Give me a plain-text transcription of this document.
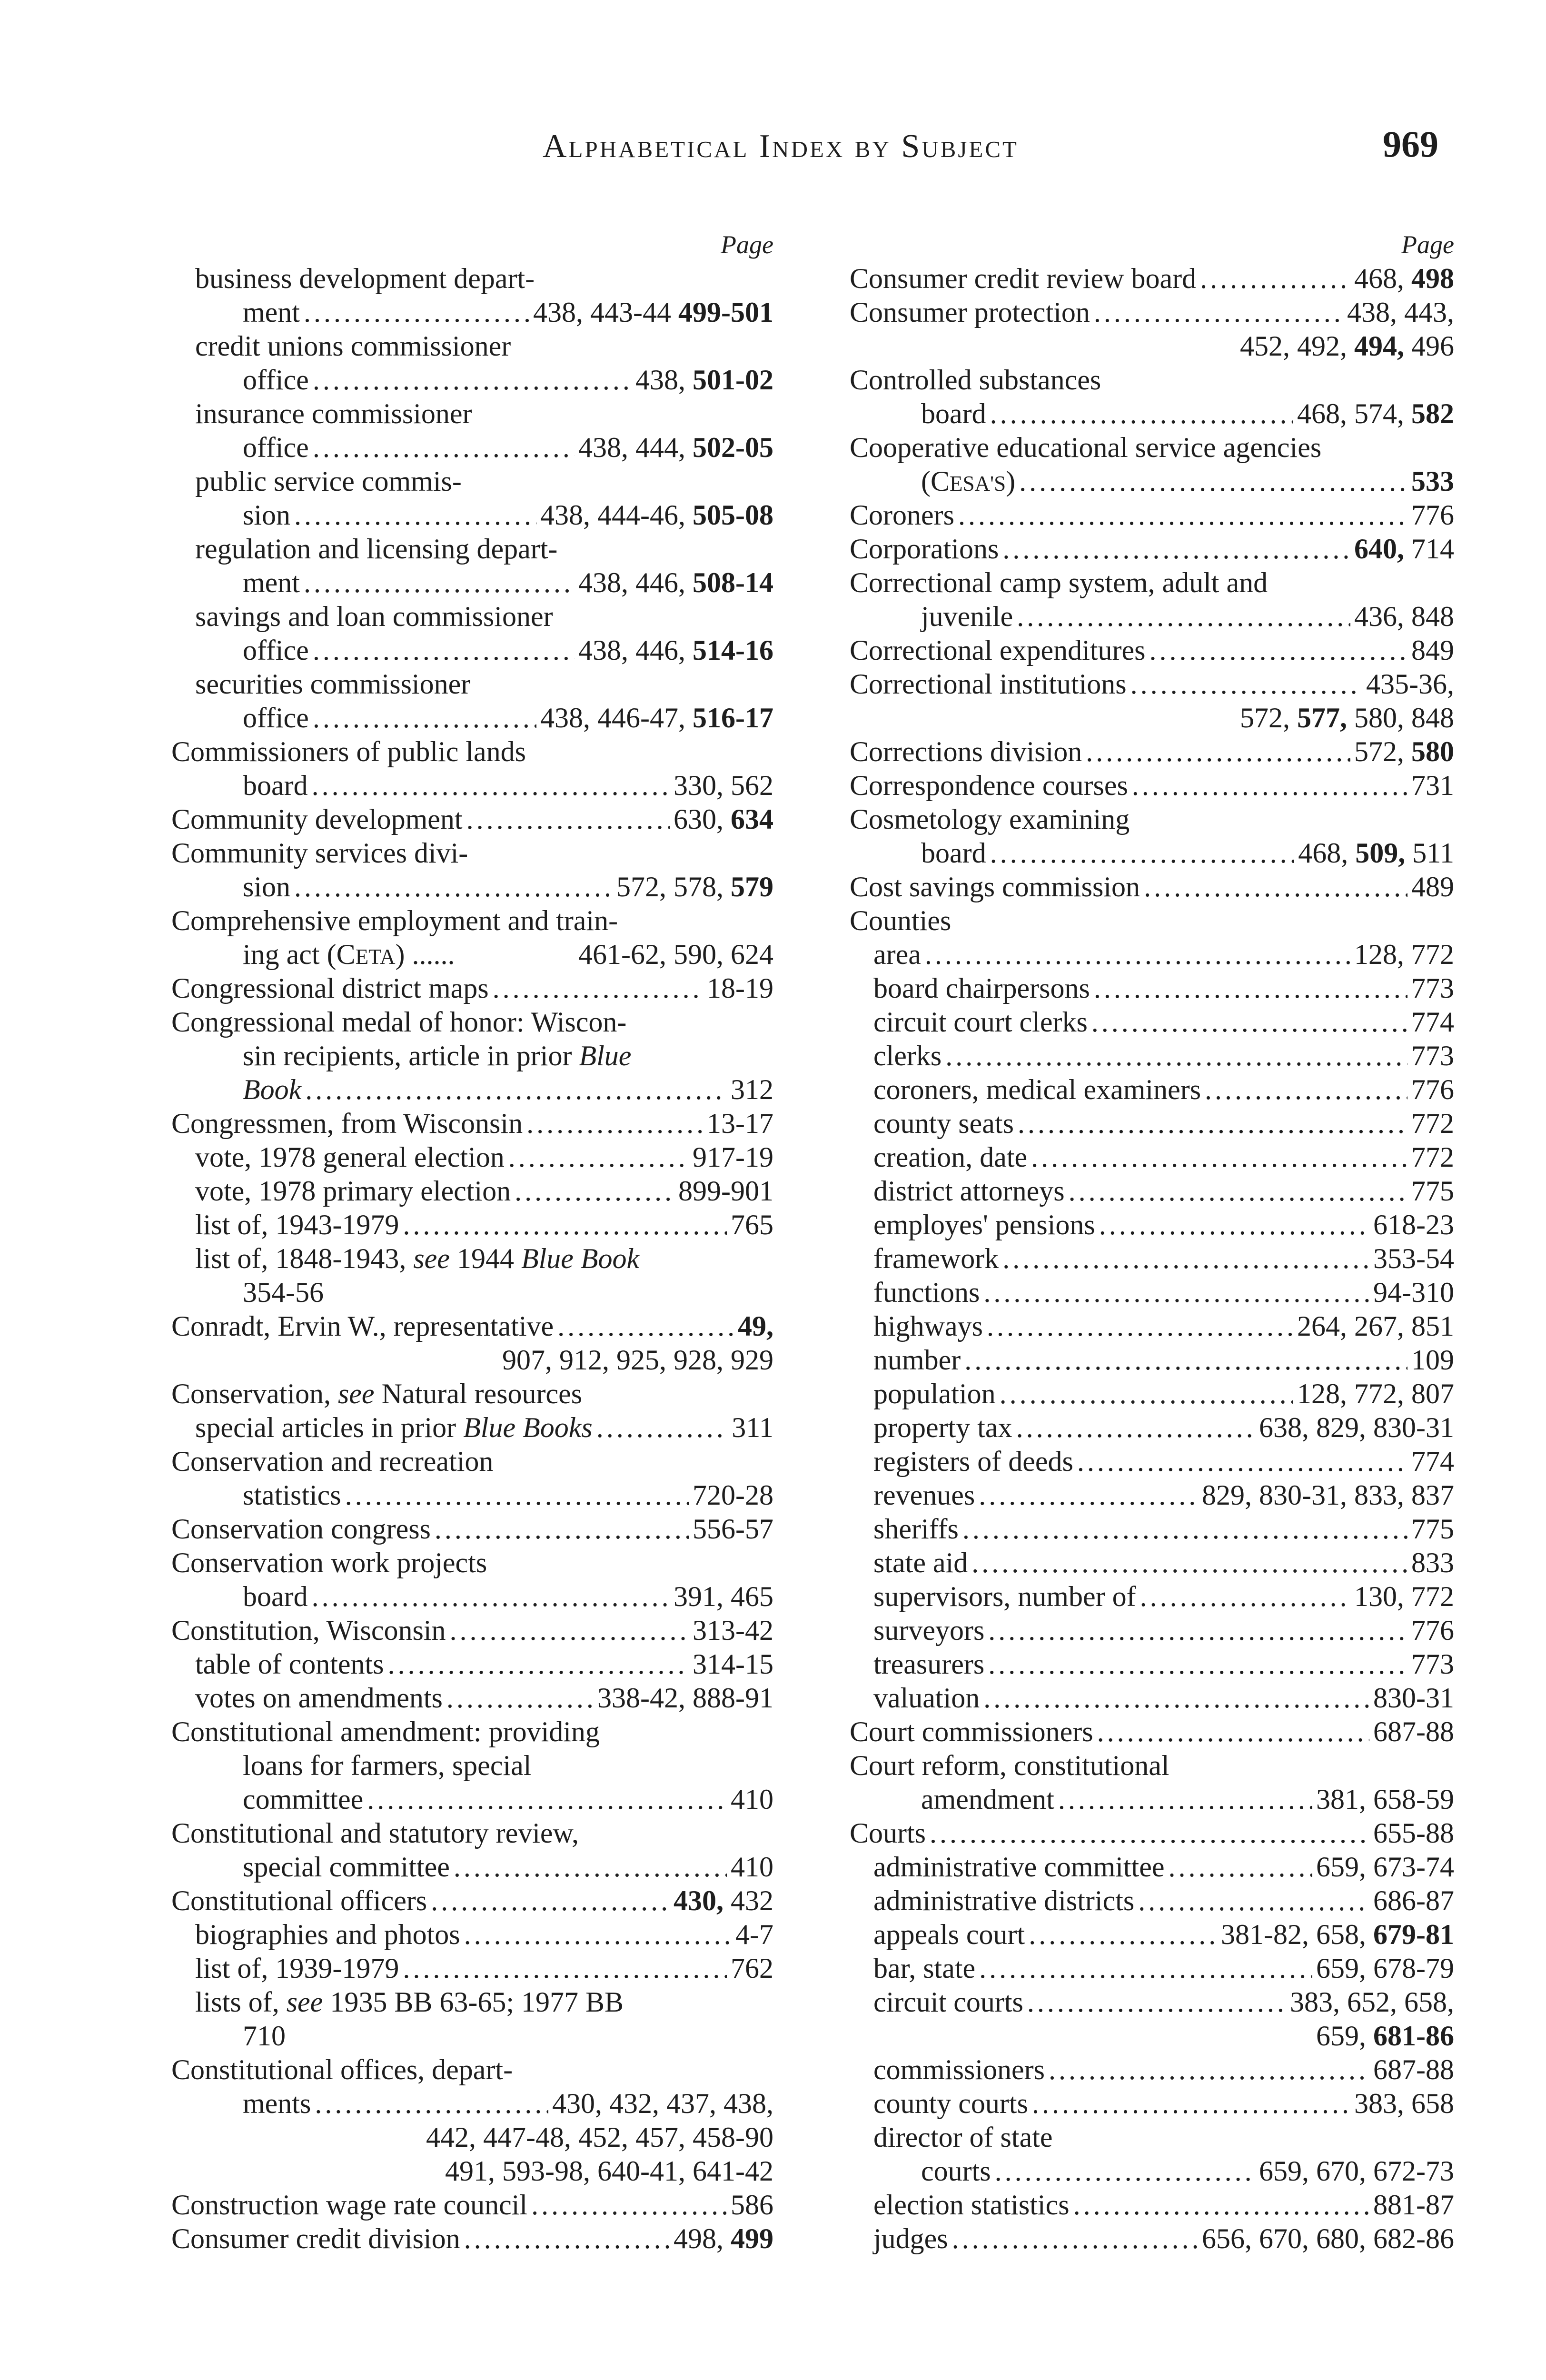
Alphabetical Index by Subject	969
Page
business development depart-
ment .....	438, 443-44 499-501
credit unions commissioner
office .....	438, 501-02
insurance commissioner
office .....	438, 444, 502-05
public service commis-
sion .....	438, 444-46, 505-08
regulation and licensing depart-
ment .....	438, 446, 508-14
savings and loan commissioner
office .....	438, 446, 514-16
securities commissioner
office .....	438, 446-47, 516-17
Commissioners of public lands
board .....	330, 562
Community development .....	630, 634
Community services divi-
sion .....	572, 578, 579
Comprehensive employment and train-
ing act (CETA) ......	461-62, 590, 624
Congressional district maps .....	18-19
Congressional medal of honor: Wiscon-
sin recipients, article in prior Blue
Book .....	312
Congressmen, from Wisconsin .....	13-17
vote, 1978 general election .....	917-19
vote, 1978 primary election .....	899-901
list of, 1943-1979 .....	765
list of, 1848-1943, see 1944 Blue Book
354-56
Conradt, Ervin W., representative .....	49,
907, 912, 925, 928, 929
Conservation, see Natural resources
special articles in prior Blue Books .....	311
Conservation and recreation
statistics .....	720-28
Conservation congress .....	556-57
Conservation work projects
board .....	391, 465
Constitution, Wisconsin .....	313-42
table of contents .....	314-15
votes on amendments .....	338-42, 888-91
Constitutional amendment: providing
loans for farmers, special
committee .....	410
Constitutional and statutory review,
special committee .....	410
Constitutional officers .....	430, 432
biographies and photos .....	4-7
list of, 1939-1979 .....	762
lists of, see 1935 BB 63-65; 1977 BB
710
Constitutional offices, depart-
ments .....	430, 432, 437, 438,
442, 447-48, 452, 457, 458-90
491, 593-98, 640-41, 641-42
Construction wage rate council .....	586
Consumer credit division .....	498, 499
Page
Consumer credit review board .....	468, 498
Consumer protection .....	438, 443,
452, 492, 494, 496
Controlled substances
board .....	468, 574, 582
Cooperative educational service agencies
(CESA'S) .....	533
Coroners .....	776
Corporations .....	640, 714
Correctional camp system, adult and
juvenile .....	436, 848
Correctional expenditures .....	849
Correctional institutions .....	435-36,
572, 577, 580, 848
Corrections division .....	572, 580
Correspondence courses .....	731
Cosmetology examining
board .....	468, 509, 511
Cost savings commission .....	489
Counties
area .....	128, 772
board chairpersons .....	773
circuit court clerks .....	774
clerks .....	773
coroners, medical examiners .....	776
county seats .....	772
creation, date .....	772
district attorneys .....	775
employes' pensions .....	618-23
framework .....	353-54
functions .....	94-310
highways .....	264, 267, 851
number .....	109
population .....	128, 772, 807
property tax .....	638, 829, 830-31
registers of deeds .....	774
revenues .....	829, 830-31, 833, 837
sheriffs .....	775
state aid .....	833
supervisors, number of .....	130, 772
surveyors .....	776
treasurers .....	773
valuation .....	830-31
Court commissioners .....	687-88
Court reform, constitutional
amendment .....	381, 658-59
Courts .....	655-88
administrative committee .....	659, 673-74
administrative districts .....	686-87
appeals court .....	381-82, 658, 679-81
bar, state .....	659, 678-79
circuit courts .....	383, 652, 658,
659, 681-86
commissioners .....	687-88
county courts .....	383, 658
director of state
courts .....	659, 670, 672-73
election statistics .....	881-87
judges .....	656, 670, 680, 682-86
